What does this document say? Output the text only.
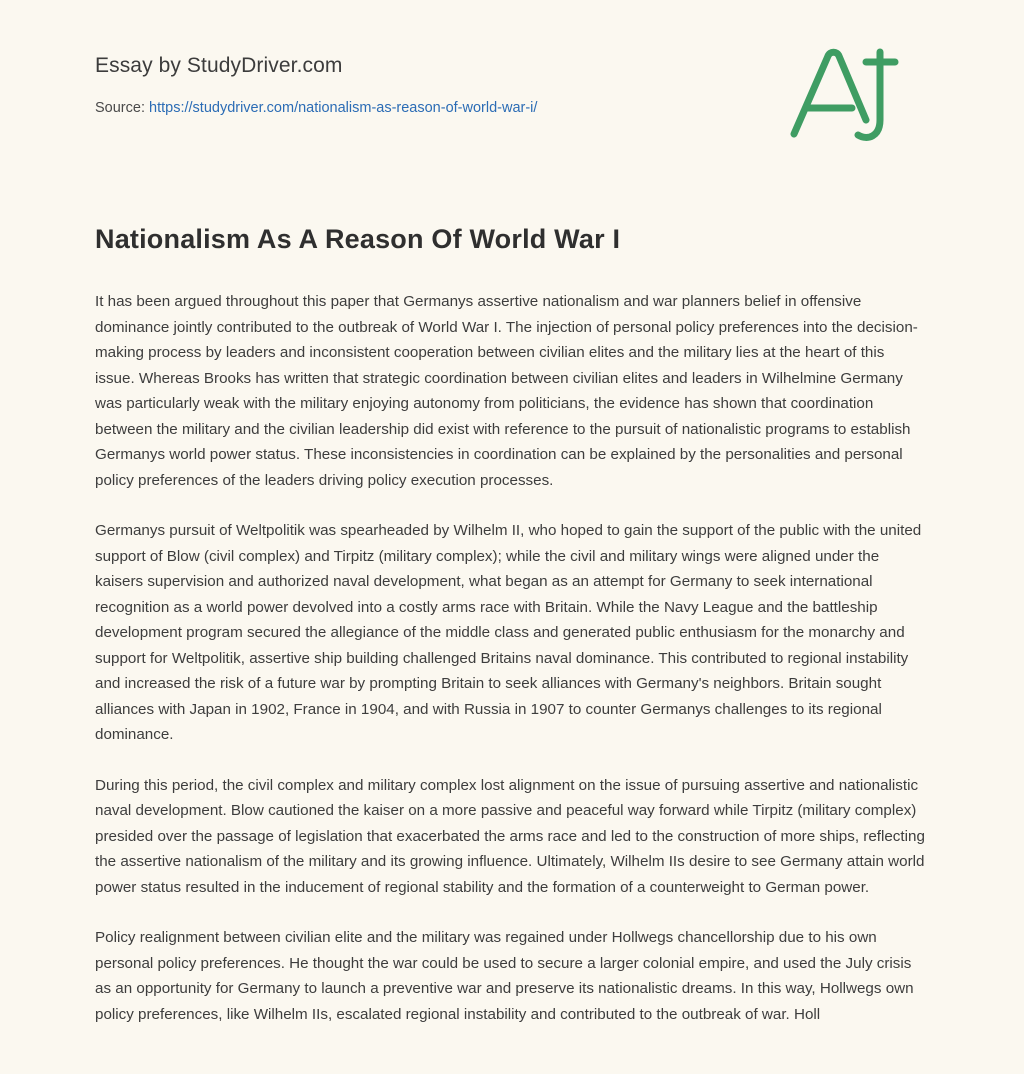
Essay by StudyDriver.com
Source: https://studydriver.com/nationalism-as-reason-of-world-war-i/
Nationalism As A Reason Of World War I

It has been argued throughout this paper that Germanys assertive nationalism and war planners belief in offensive dominance jointly contributed to the outbreak of World War I. The injection of personal policy preferences into the decision-making process by leaders and inconsistent cooperation between civilian elites and the military lies at the heart of this issue. Whereas Brooks has written that strategic coordination between civilian elites and leaders in Wilhelmine Germany was particularly weak with the military enjoying autonomy from politicians, the evidence has shown that coordination between the military and the civilian leadership did exist with reference to the pursuit of nationalistic programs to establish Germanys world power status. These inconsistencies in coordination can be explained by the personalities and personal policy preferences of the leaders driving policy execution processes.

Germanys pursuit of Weltpolitik was spearheaded by Wilhelm II, who hoped to gain the support of the public with the united support of Blow (civil complex) and Tirpitz (military complex); while the civil and military wings were aligned under the kaisers supervision and authorized naval development, what began as an attempt for Germany to seek international recognition as a world power devolved into a costly arms race with Britain. While the Navy League and the battleship development program secured the allegiance of the middle class and generated public enthusiasm for the monarchy and support for Weltpolitik, assertive ship building challenged Britains naval dominance. This contributed to regional instability and increased the risk of a future war by prompting Britain to seek alliances with Germany's neighbors. Britain sought alliances with Japan in 1902, France in 1904, and with Russia in 1907 to counter Germanys challenges to its regional dominance.

During this period, the civil complex and military complex lost alignment on the issue of pursuing assertive and nationalistic naval development. Blow cautioned the kaiser on a more passive and peaceful way forward while Tirpitz (military complex) presided over the passage of legislation that exacerbated the arms race and led to the construction of more ships, reflecting the assertive nationalism of the military and its growing influence. Ultimately, Wilhelm IIs desire to see Germany attain world power status resulted in the inducement of regional stability and the formation of a counterweight to German power.

Policy realignment between civilian elite and the military was regained under Hollwegs chancellorship due to his own personal policy preferences. He thought the war could be used to secure a larger colonial empire, and used the July crisis as an opportunity for Germany to launch a preventive war and preserve its nationalistic dreams. In this way, Hollwegs own policy preferences, like Wilhelm IIs, escalated regional instability and contributed to the outbreak of war. Holl
